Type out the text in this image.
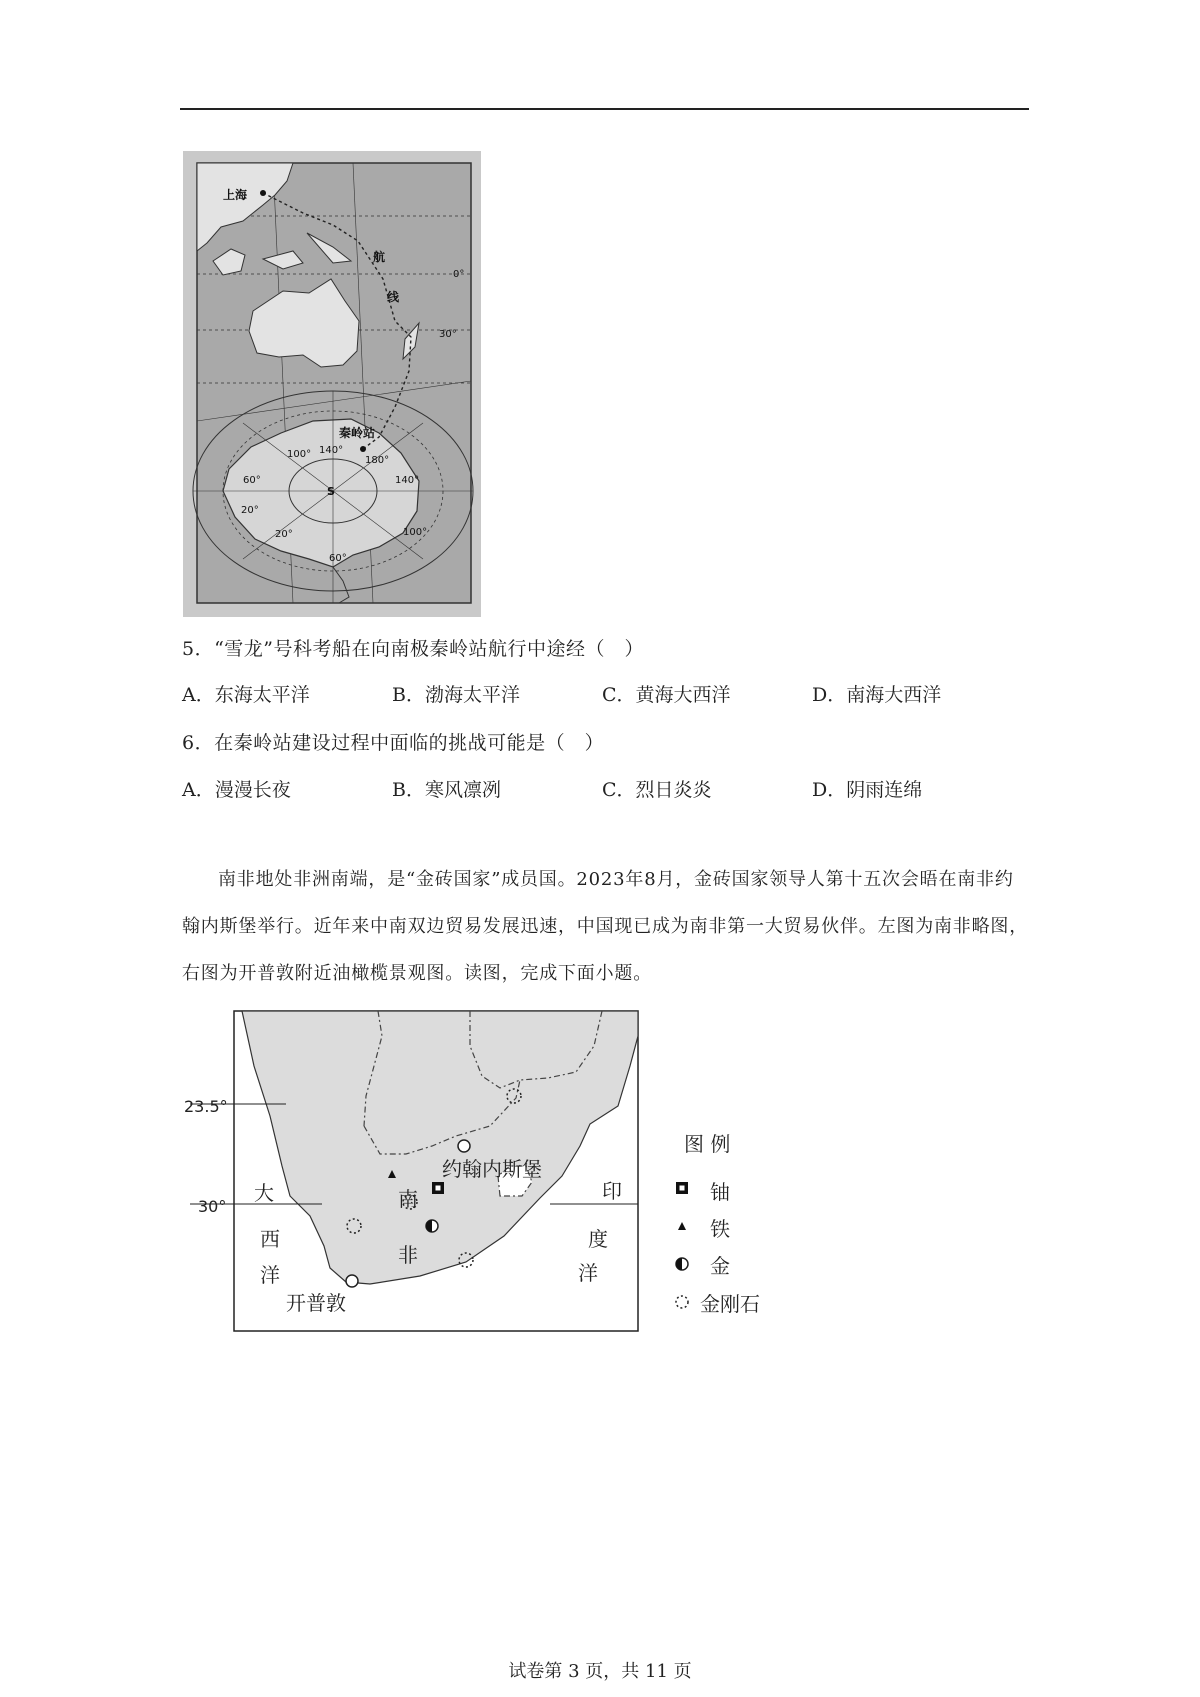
上海
航
线
0°
30°
秦岭站
100° 140°
180°
60°	140°
S
20°
20°
60°
100°
5．“雪龙”号科考船在向南极秦岭站航行中途经（　）
A．东海太平洋	B．渤海太平洋	C．黄海大西洋	D．南海大西洋
6．在秦岭站建设过程中面临的挑战可能是（　）
A．漫漫长夜	B．寒风凛冽	C．烈日炎炎	D．阴雨连绵

南非地处非洲南端，是“金砖国家”成员国。2023年8月，金砖国家领导人第十五次会晤在南非约翰内斯堡举行。近年来中南双边贸易发展迅速，中国现已成为南非第一大贸易伙伴。左图为南非略图，右图为开普敦附近油橄榄景观图。读图，完成下面小题。

23.5°
30°
约翰内斯堡
开普敦
南
非
大
西
洋
印
度
洋
图 例
铀
铁
金
金刚石
试卷第 3 页，共 11 页
